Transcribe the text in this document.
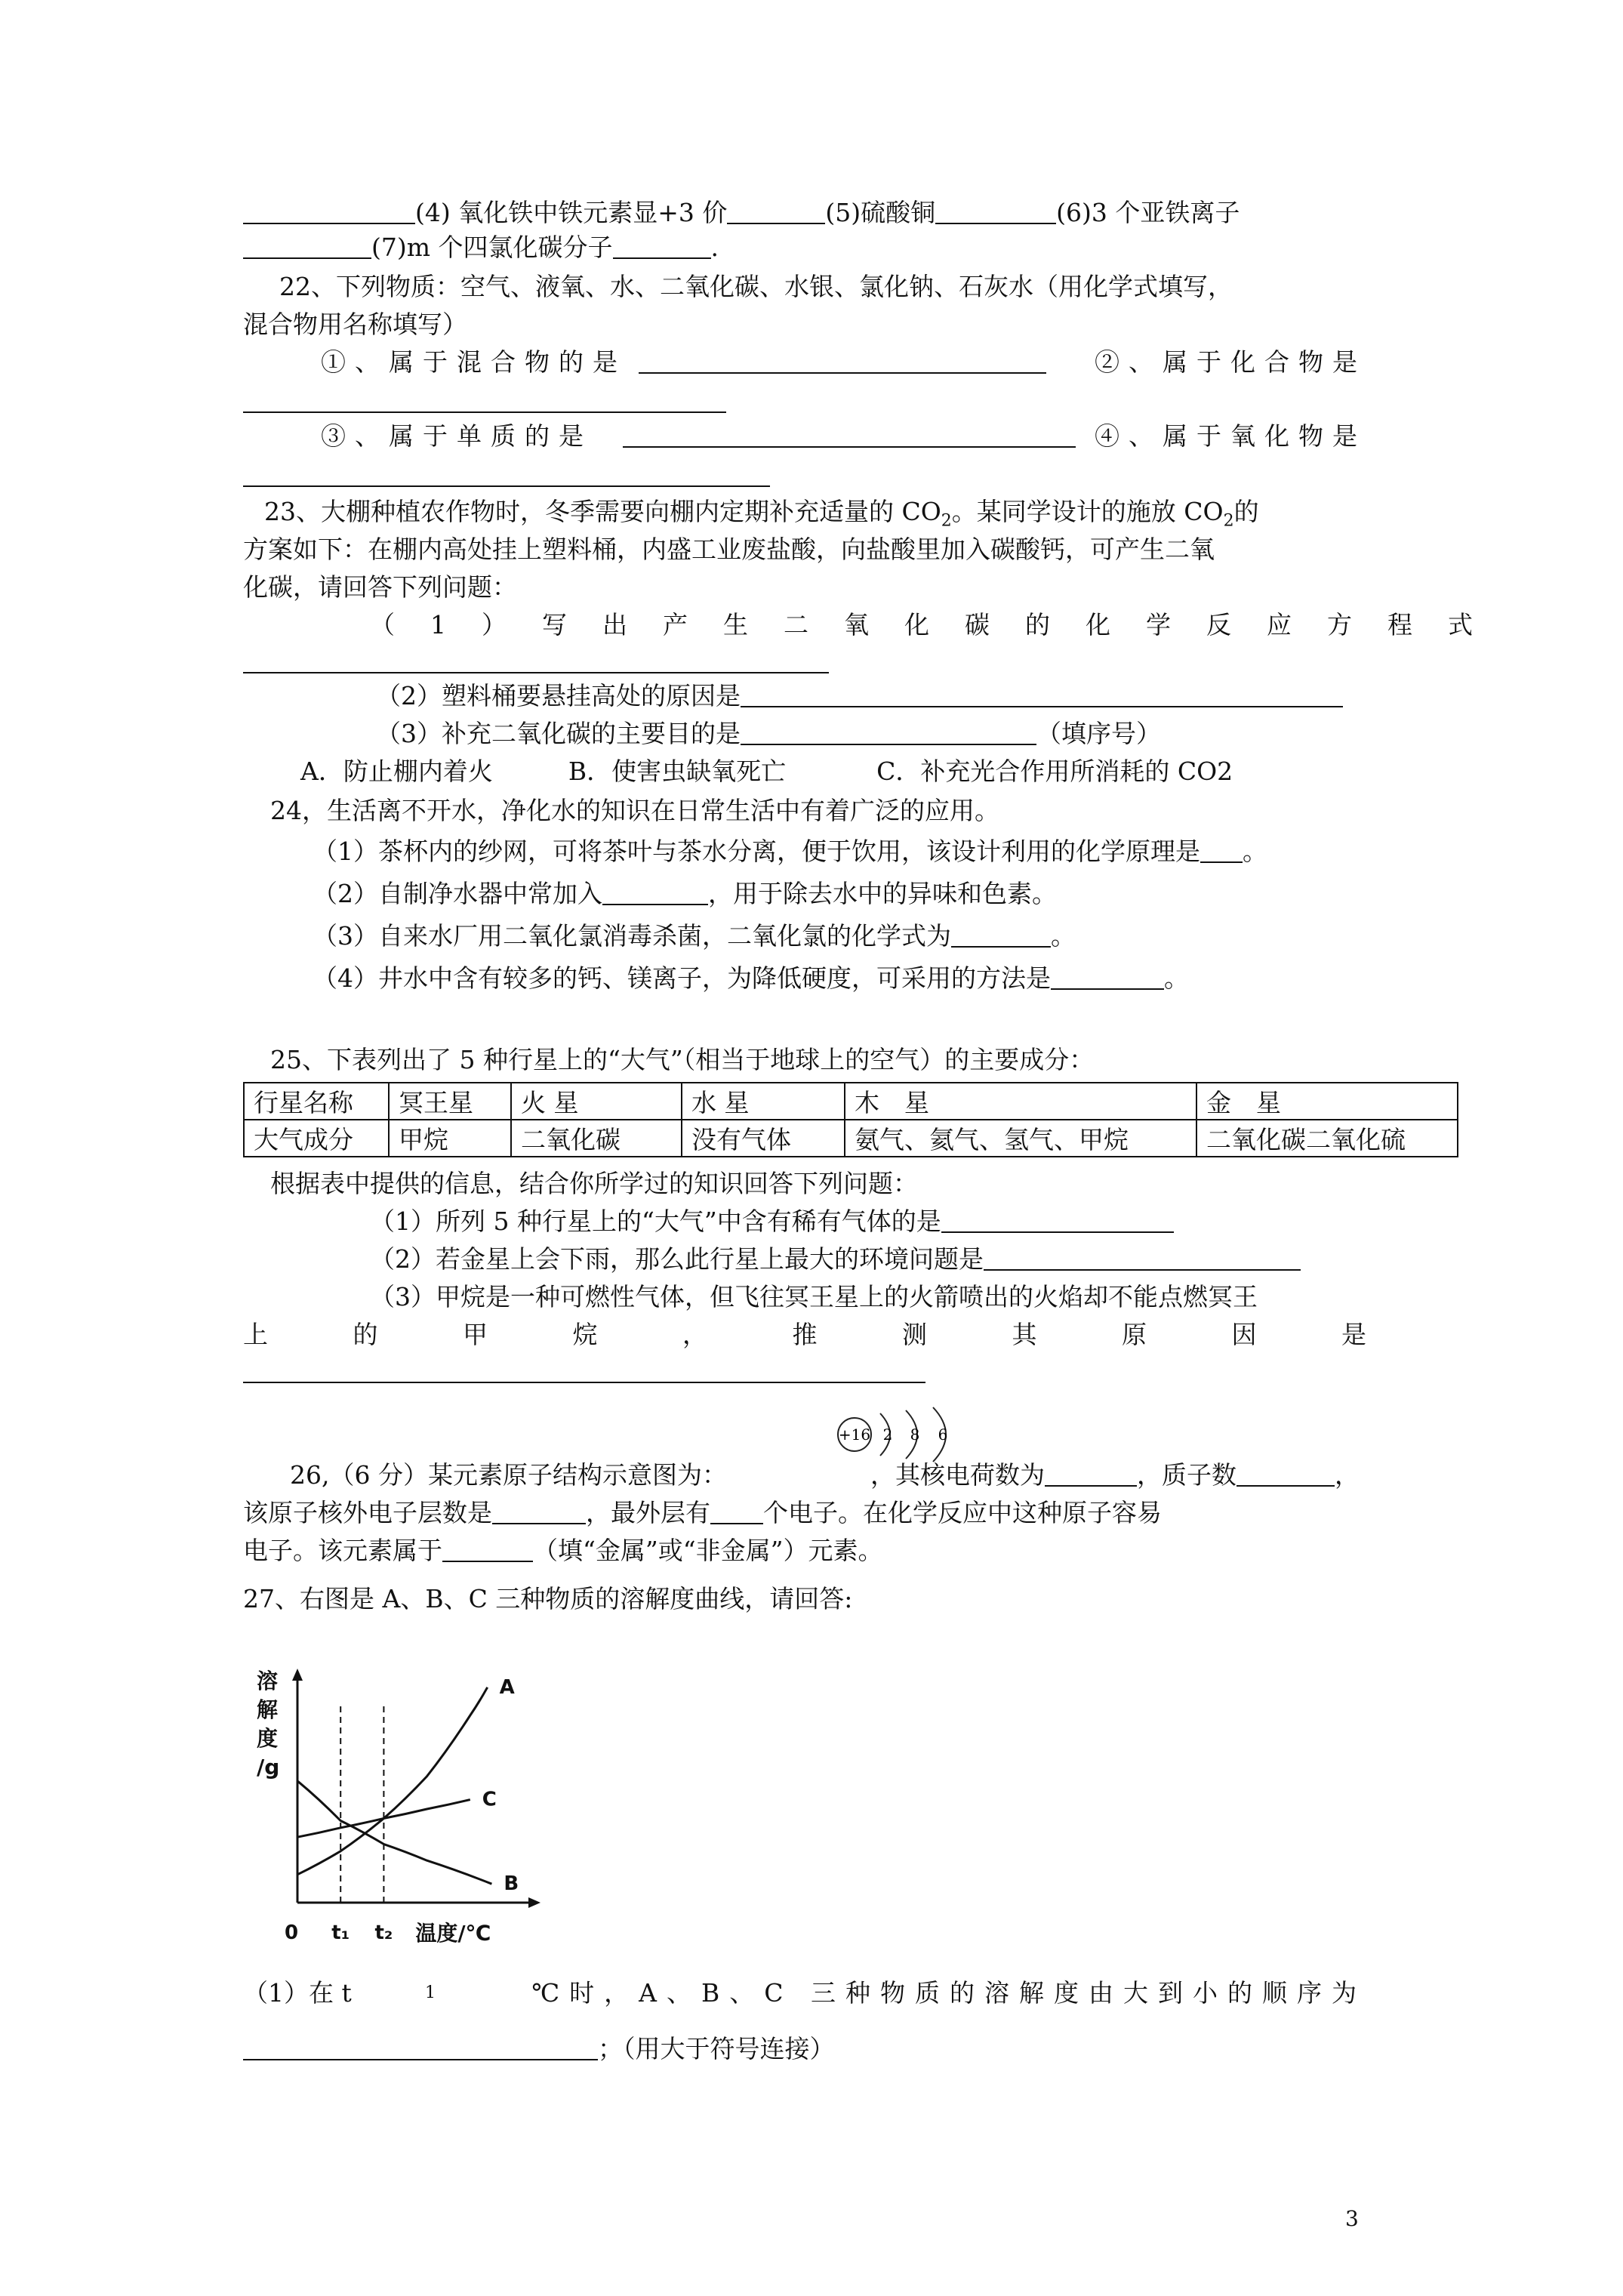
(4) 氧化铁中铁元素显+3 价	(5)硫酸铜	(6)3 个亚铁离子
(7)m 个四氯化碳分子	.
22、下列物质：空气、液氧、水、二氧化碳、水银、氯化钠、石灰水（用化学式填写，
混合物用名称填写）
①、属于混合物的是	②、属于化合物是
③、属于单质的是	④、属于氧化物是
23、大棚种植农作物时，冬季需要向棚内定期补充适量的 $CO_2$。某同学设计的施放 $CO_2$的
方案如下：在棚内高处挂上塑料桶，内盛工业废盐酸，向盐酸里加入碳酸钙，可产生二氧
化碳，请回答下列问题：
（1）写出产生二氧化碳的化学反应方程式
（2）塑料桶要悬挂高处的原因是
（3）补充二氧化碳的主要目的是	（填序号）
A．防止棚内着火	B．使害虫缺氧死亡	C．补充光合作用所消耗的 CO2
24，生活离不开水，净化水的知识在日常生活中有着广泛的应用。
（1）茶杯内的纱网，可将茶叶与茶水分离，便于饮用，该设计利用的化学原理是 。
（2）自制净水器中常加入	，用于除去水中的异味和色素。
（3）自来水厂用二氧化氯消毒杀菌，二氧化氯的化学式为	。
（4）井水中含有较多的钙、镁离子，为降低硬度，可采用的方法是	。
25、下表列出了 5 种行星上的“大气”（相当于地球上的空气）的主要成分：
行星名称	冥王星	火 星	水 星	木　星	金　星
大气成分	甲烷	二氧化碳	没有气体	氨气、氦气、氢气、甲烷	二氧化碳二氧化硫
根据表中提供的信息，结合你所学过的知识回答下列问题：
（1）所列 5 种行星上的“大气”中含有稀有气体的是
（2）若金星上会下雨，那么此行星上最大的环境问题是
（3）甲烷是一种可燃性气体，但飞往冥王星上的火箭喷出的火焰却不能点燃冥王
上	的	甲	烷	，	推	测	其	原	因	是
+16 2 8 6
26,（6 分）某元素原子结构示意图为：	，其核电荷数为	，质子数	，
该原子核外电子层数是	，最外层有 个电子。在化学反应中这种原子容易
电子。该元素属于	（填“金属”或“非金属”）元素。
27、右图是 A、B、C 三种物质的溶解度曲线，请回答:
溶
解
度
/g
0 t₁ t₂ 温度/℃
A
B
C
（1）在 t	1	℃时，A、B、C 三种物质的溶解度由大到小的顺序为
；（用大于符号连接）
3
